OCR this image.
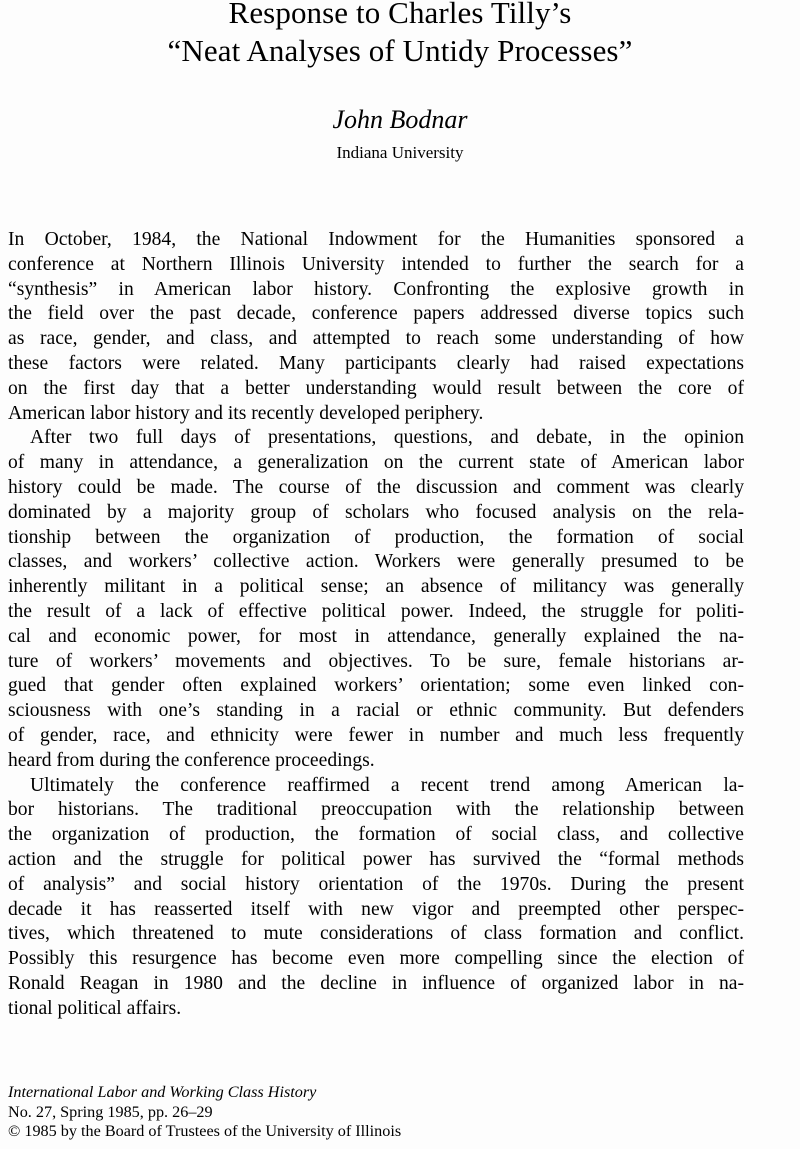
Response to Charles Tilly’s
“Neat Analyses of Untidy Processes”
John Bodnar
Indiana University
In October, 1984, the National Indowment for the Humanities sponsored a
conference at Northern Illinois University intended to further the search for a
“synthesis” in American labor history. Confronting the explosive growth in
the field over the past decade, conference papers addressed diverse topics such
as race, gender, and class, and attempted to reach some understanding of how
these factors were related. Many participants clearly had raised expectations
on the first day that a better understanding would result between the core of
American labor history and its recently developed periphery.
After two full days of presentations, questions, and debate, in the opinion
of many in attendance, a generalization on the current state of American labor
history could be made. The course of the discussion and comment was clearly
dominated by a majority group of scholars who focused analysis on the rela-
tionship between the organization of production, the formation of social
classes, and workers’ collective action. Workers were generally presumed to be
inherently militant in a political sense; an absence of militancy was generally
the result of a lack of effective political power. Indeed, the struggle for politi-
cal and economic power, for most in attendance, generally explained the na-
ture of workers’ movements and objectives. To be sure, female historians ar-
gued that gender often explained workers’ orientation; some even linked con-
sciousness with one’s standing in a racial or ethnic community. But defenders
of gender, race, and ethnicity were fewer in number and much less frequently
heard from during the conference proceedings.
Ultimately the conference reaffirmed a recent trend among American la-
bor historians. The traditional preoccupation with the relationship between
the organization of production, the formation of social class, and collective
action and the struggle for political power has survived the “formal methods
of analysis” and social history orientation of the 1970s. During the present
decade it has reasserted itself with new vigor and preempted other perspec-
tives, which threatened to mute considerations of class formation and conflict.
Possibly this resurgence has become even more compelling since the election of
Ronald Reagan in 1980 and the decline in influence of organized labor in na-
tional political affairs.
International Labor and Working Class History
No. 27, Spring 1985, pp. 26–29
© 1985 by the Board of Trustees of the University of Illinois
